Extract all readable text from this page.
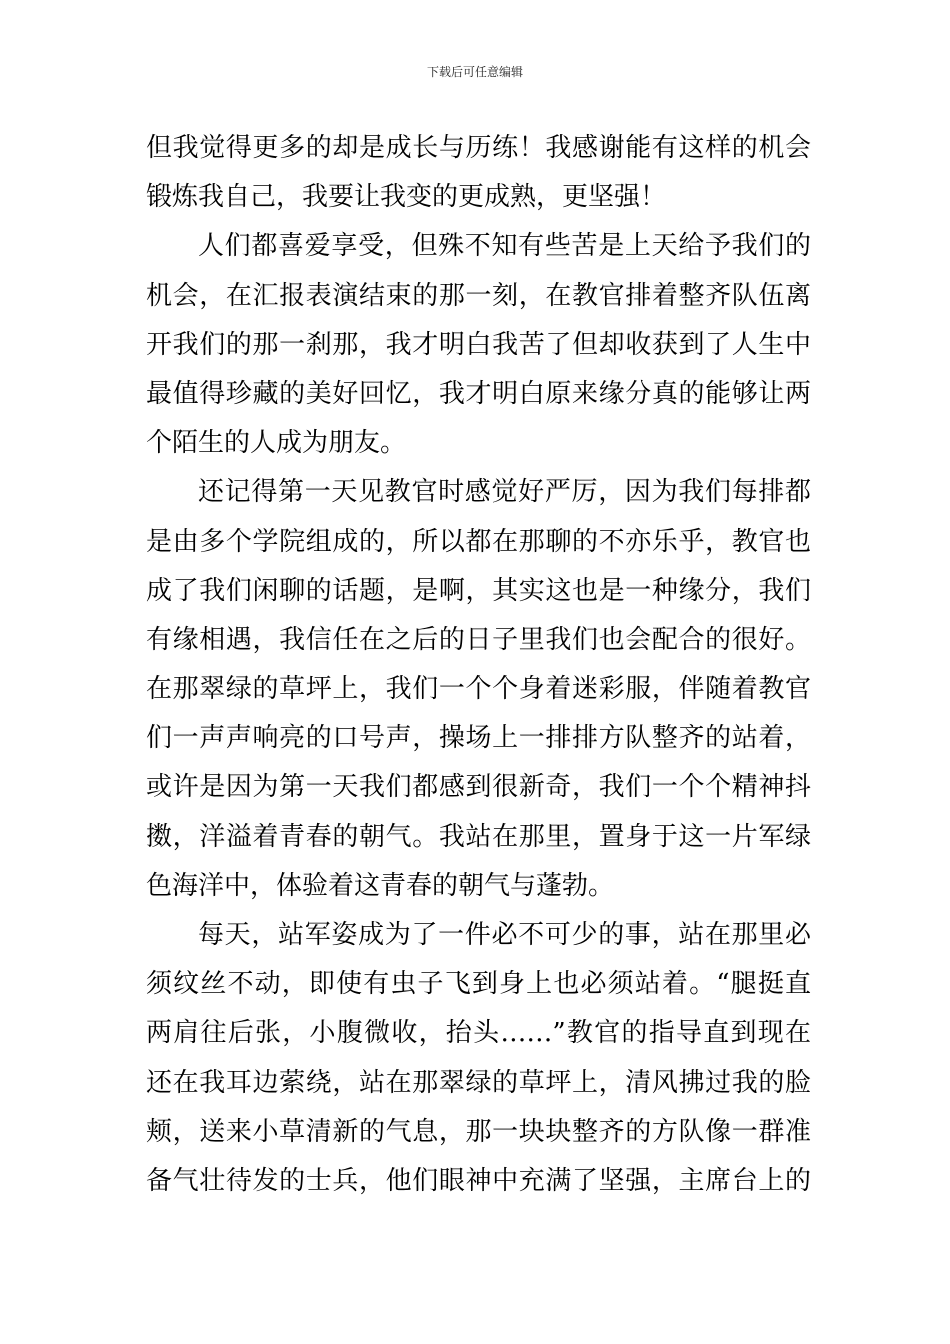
下载后可任意编辑
但我觉得更多的却是成长与历练！我感谢能有这样的机会
锻炼我自己，我要让我变的更成熟，更坚强！
人们都喜爱享受，但殊不知有些苦是上天给予我们的
机会，在汇报表演结束的那一刻，在教官排着整齐队伍离
开我们的那一刹那，我才明白我苦了但却收获到了人生中
最值得珍藏的美好回忆，我才明白原来缘分真的能够让两
个陌生的人成为朋友。
还记得第一天见教官时感觉好严厉，因为我们每排都
是由多个学院组成的，所以都在那聊的不亦乐乎，教官也
成了我们闲聊的话题，是啊，其实这也是一种缘分，我们
有缘相遇，我信任在之后的日子里我们也会配合的很好。
在那翠绿的草坪上，我们一个个身着迷彩服，伴随着教官
们一声声响亮的口号声，操场上一排排方队整齐的站着，
或许是因为第一天我们都感到很新奇，我们一个个精神抖
擞，洋溢着青春的朝气。我站在那里，置身于这一片军绿
色海洋中，体验着这青春的朝气与蓬勃。
每天，站军姿成为了一件必不可少的事，站在那里必
须纹丝不动，即使有虫子飞到身上也必须站着。“腿挺直
两肩往后张，小腹微收，抬头……”教官的指导直到现在
还在我耳边萦绕，站在那翠绿的草坪上，清风拂过我的脸
颊，送来小草清新的气息，那一块块整齐的方队像一群准
备气壮待发的士兵，他们眼神中充满了坚强，主席台上的
